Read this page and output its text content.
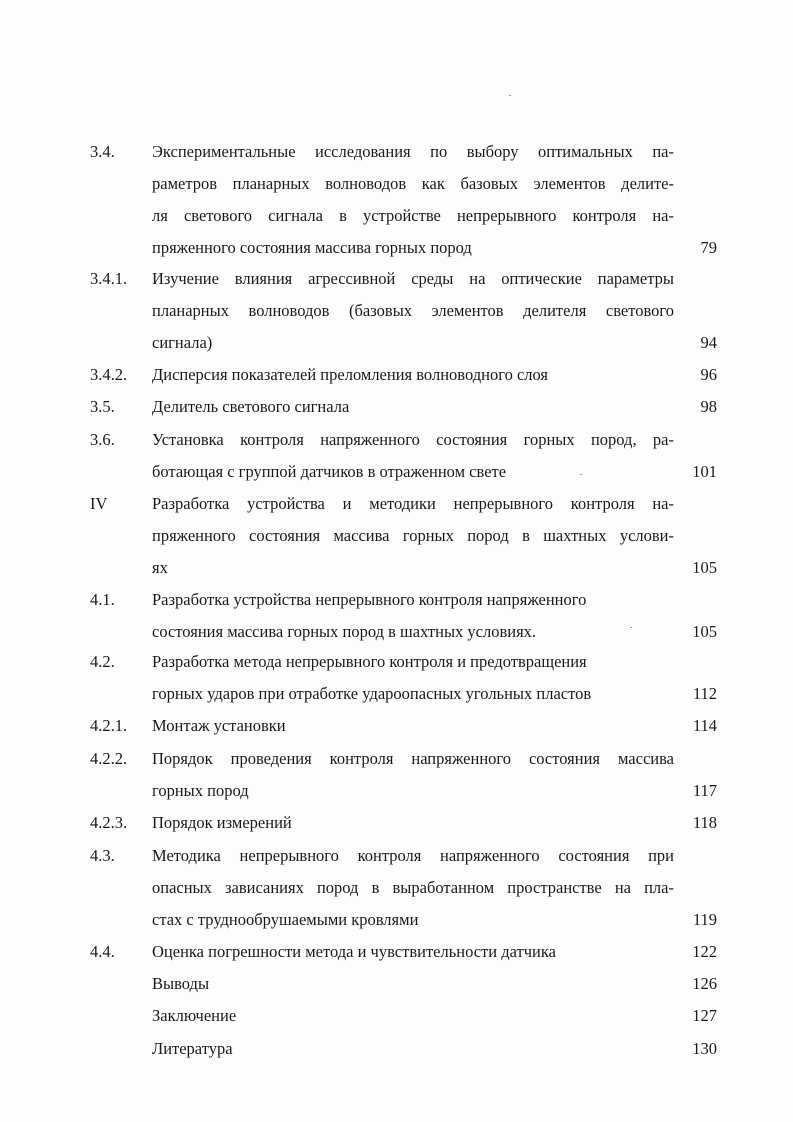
3.4. Экспериментальные исследования по выбору оптимальных па-
раметров планарных волноводов как базовых элементов делите-
ля светового сигнала в устройстве непрерывного контроля на-
пряженного состояния массива горных пород	79
3.4.1. Изучение влияния агрессивной среды на оптические параметры
планарных волноводов (базовых элементов делителя светового
сигнала)	94
3.4.2. Дисперсия показателей преломления волноводного слоя	96
3.5. Делитель светового сигнала	98
3.6. Установка контроля напряженного состояния горных пород, ра-
ботающая с группой датчиков в отраженном свете	101
IV	Разработка устройства и методики непрерывного контроля на-
пряженного состояния массива горных пород в шахтных услови-
ях	105
4.1. Разработка устройства непрерывного контроля напряженного
состояния массива горных пород в шахтных условиях.	105
4.2. Разработка метода непрерывного контроля и предотвращения
горных ударов при отработке удароопасных угольных пластов	112
4.2.1. Монтаж установки	114
4.2.2. Порядок проведения контроля напряженного состояния массива
горных пород	117
4.2.3. Порядок измерений	118
4.3. Методика непрерывного контроля напряженного состояния при
опасных зависаниях пород в выработанном пространстве на пла-
стах с труднообрушаемыми кровлями	119
4.4. Оценка погрешности метода и чувствительности датчика	122
Выводы	126
Заключение	127
Литература	130
